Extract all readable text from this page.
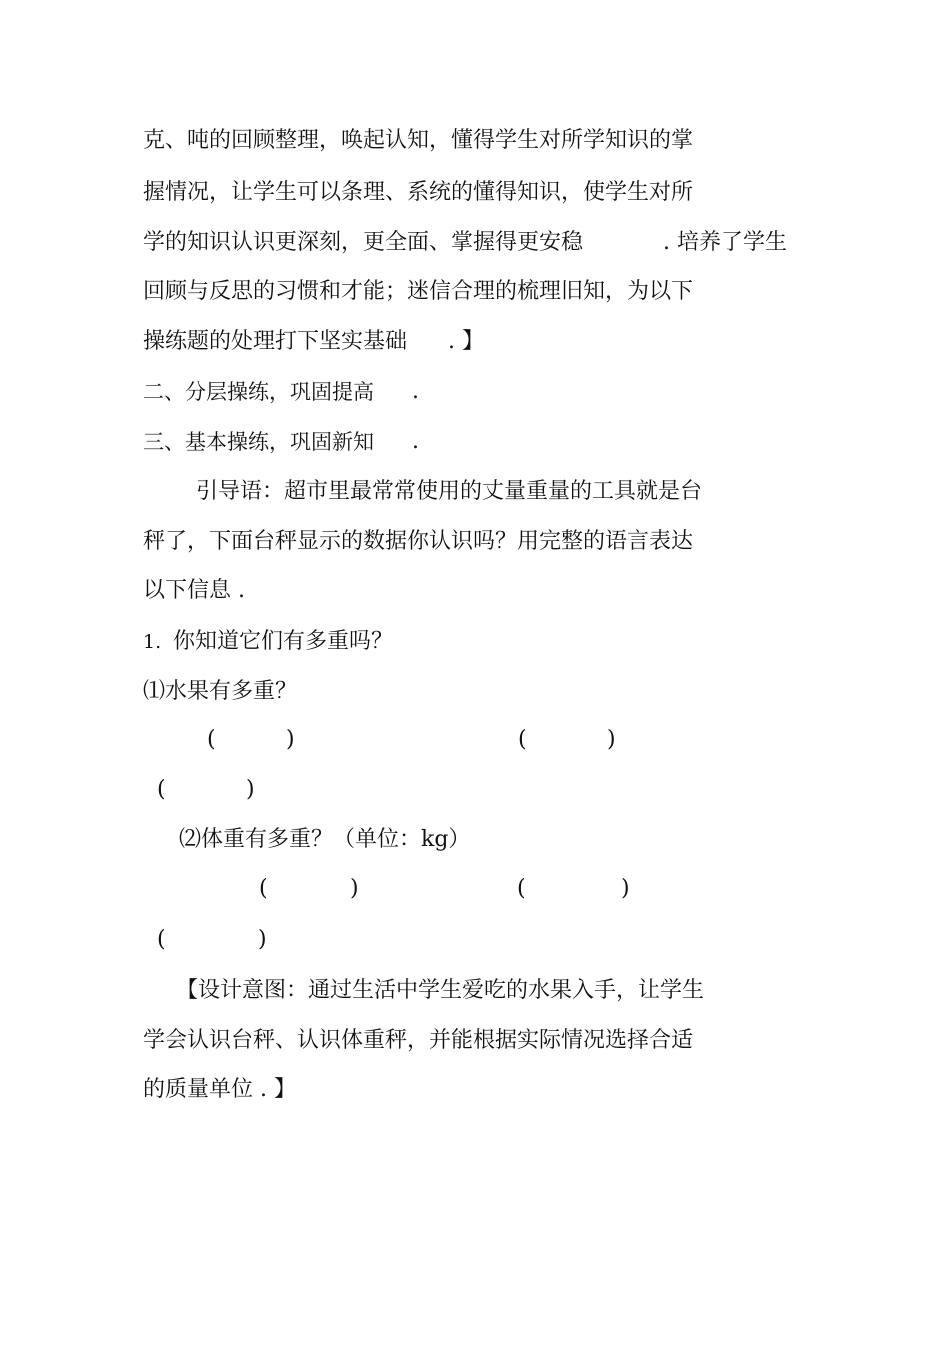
克、吨的回顾整理，唤起认知，懂得学生对所学知识的掌
握情况，让学生可以条理、系统的懂得知识，使学生对所
学的知识认识更深刻，更全面、掌握得更安稳	. 培养了学生
回顾与反思的习惯和才能；迷信合理的梳理旧知，为以下
操练题的处理打下坚实基础 . 】
二、分层操练，巩固提高 .
三、基本操练，巩固新知 .
引导语：超市里最常常使用的丈量重量的工具就是台
秤了，下面台秤显示的数据你认识吗？用完整的语言表达
以下信息 .
1. 你知道它们有多重吗？
⑴水果有多重？
(	)	(	)
(	)
⑵体重有多重？（单位：kg）
(	)	(	)
(	)
【设计意图：通过生活中学生爱吃的水果入手，让学生
学会认识台秤、认识体重秤，并能根据实际情况选择合适
的质量单位 . 】
